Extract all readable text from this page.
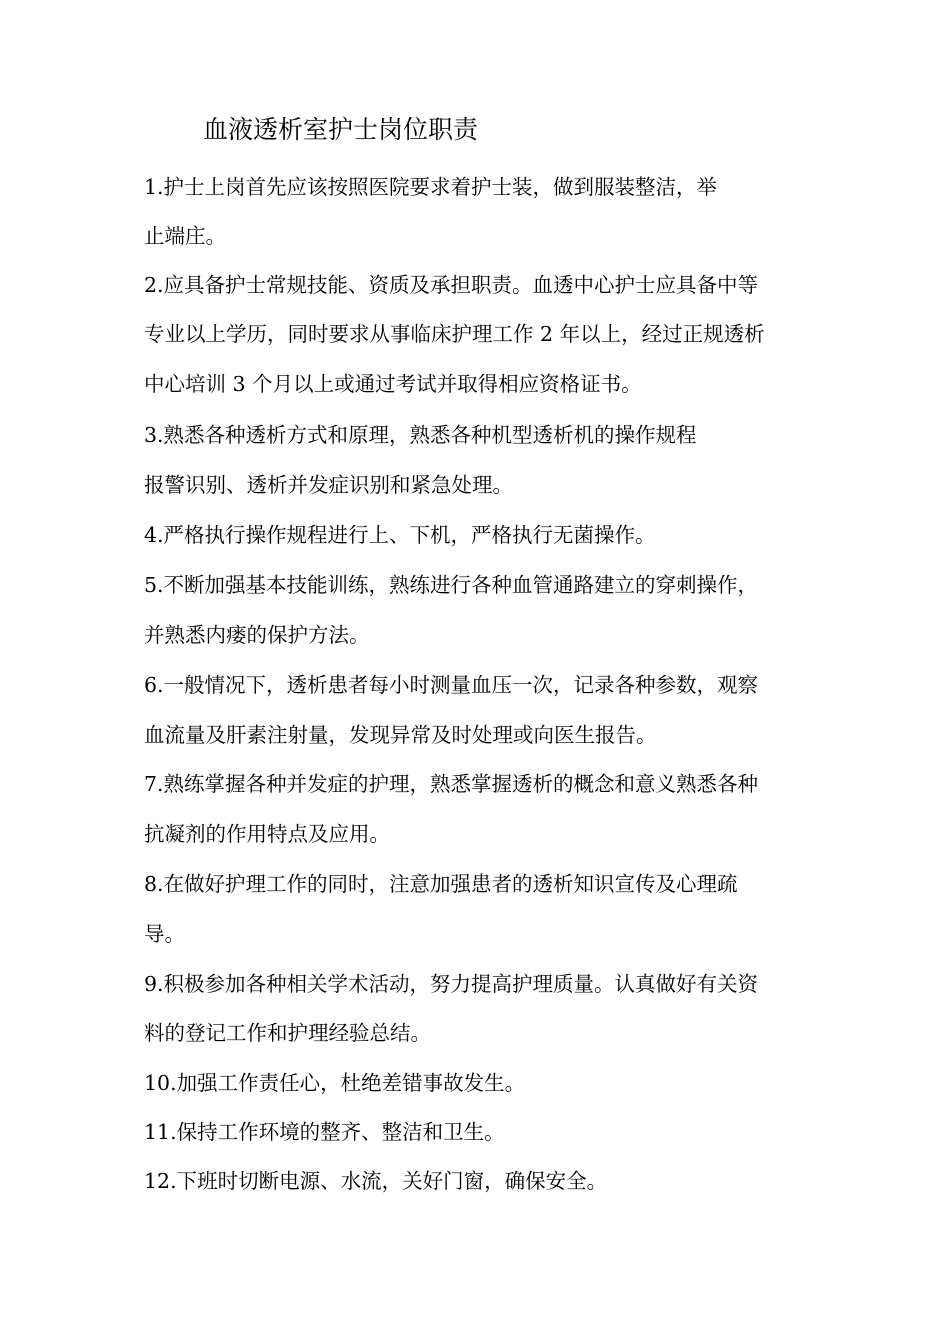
血液透析室护士岗位职责
1.护士上岗首先应该按照医院要求着护士装，做到服装整洁，举
止端庄。
2.应具备护士常规技能、资质及承担职责。血透中心护士应具备中等
专业以上学历，同时要求从事临床护理工作 2 年以上，经过正规透析
中心培训 3 个月以上或通过考试并取得相应资格证书。
3.熟悉各种透析方式和原理，熟悉各种机型透析机的操作规程
报警识别、透析并发症识别和紧急处理。
4.严格执行操作规程进行上、下机，严格执行无菌操作。
5.不断加强基本技能训练，熟练进行各种血管通路建立的穿刺操作，
并熟悉内瘘的保护方法。
6.一般情况下，透析患者每小时测量血压一次，记录各种参数，观察
血流量及肝素注射量，发现异常及时处理或向医生报告。
7.熟练掌握各种并发症的护理，熟悉掌握透析的概念和意义熟悉各种
抗凝剂的作用特点及应用。
8.在做好护理工作的同时，注意加强患者的透析知识宣传及心理疏
导。
9.积极参加各种相关学术活动，努力提高护理质量。认真做好有关资
料的登记工作和护理经验总结。
10.加强工作责任心，杜绝差错事故发生。
11.保持工作环境的整齐、整洁和卫生。
12.下班时切断电源、水流，关好门窗，确保安全。
